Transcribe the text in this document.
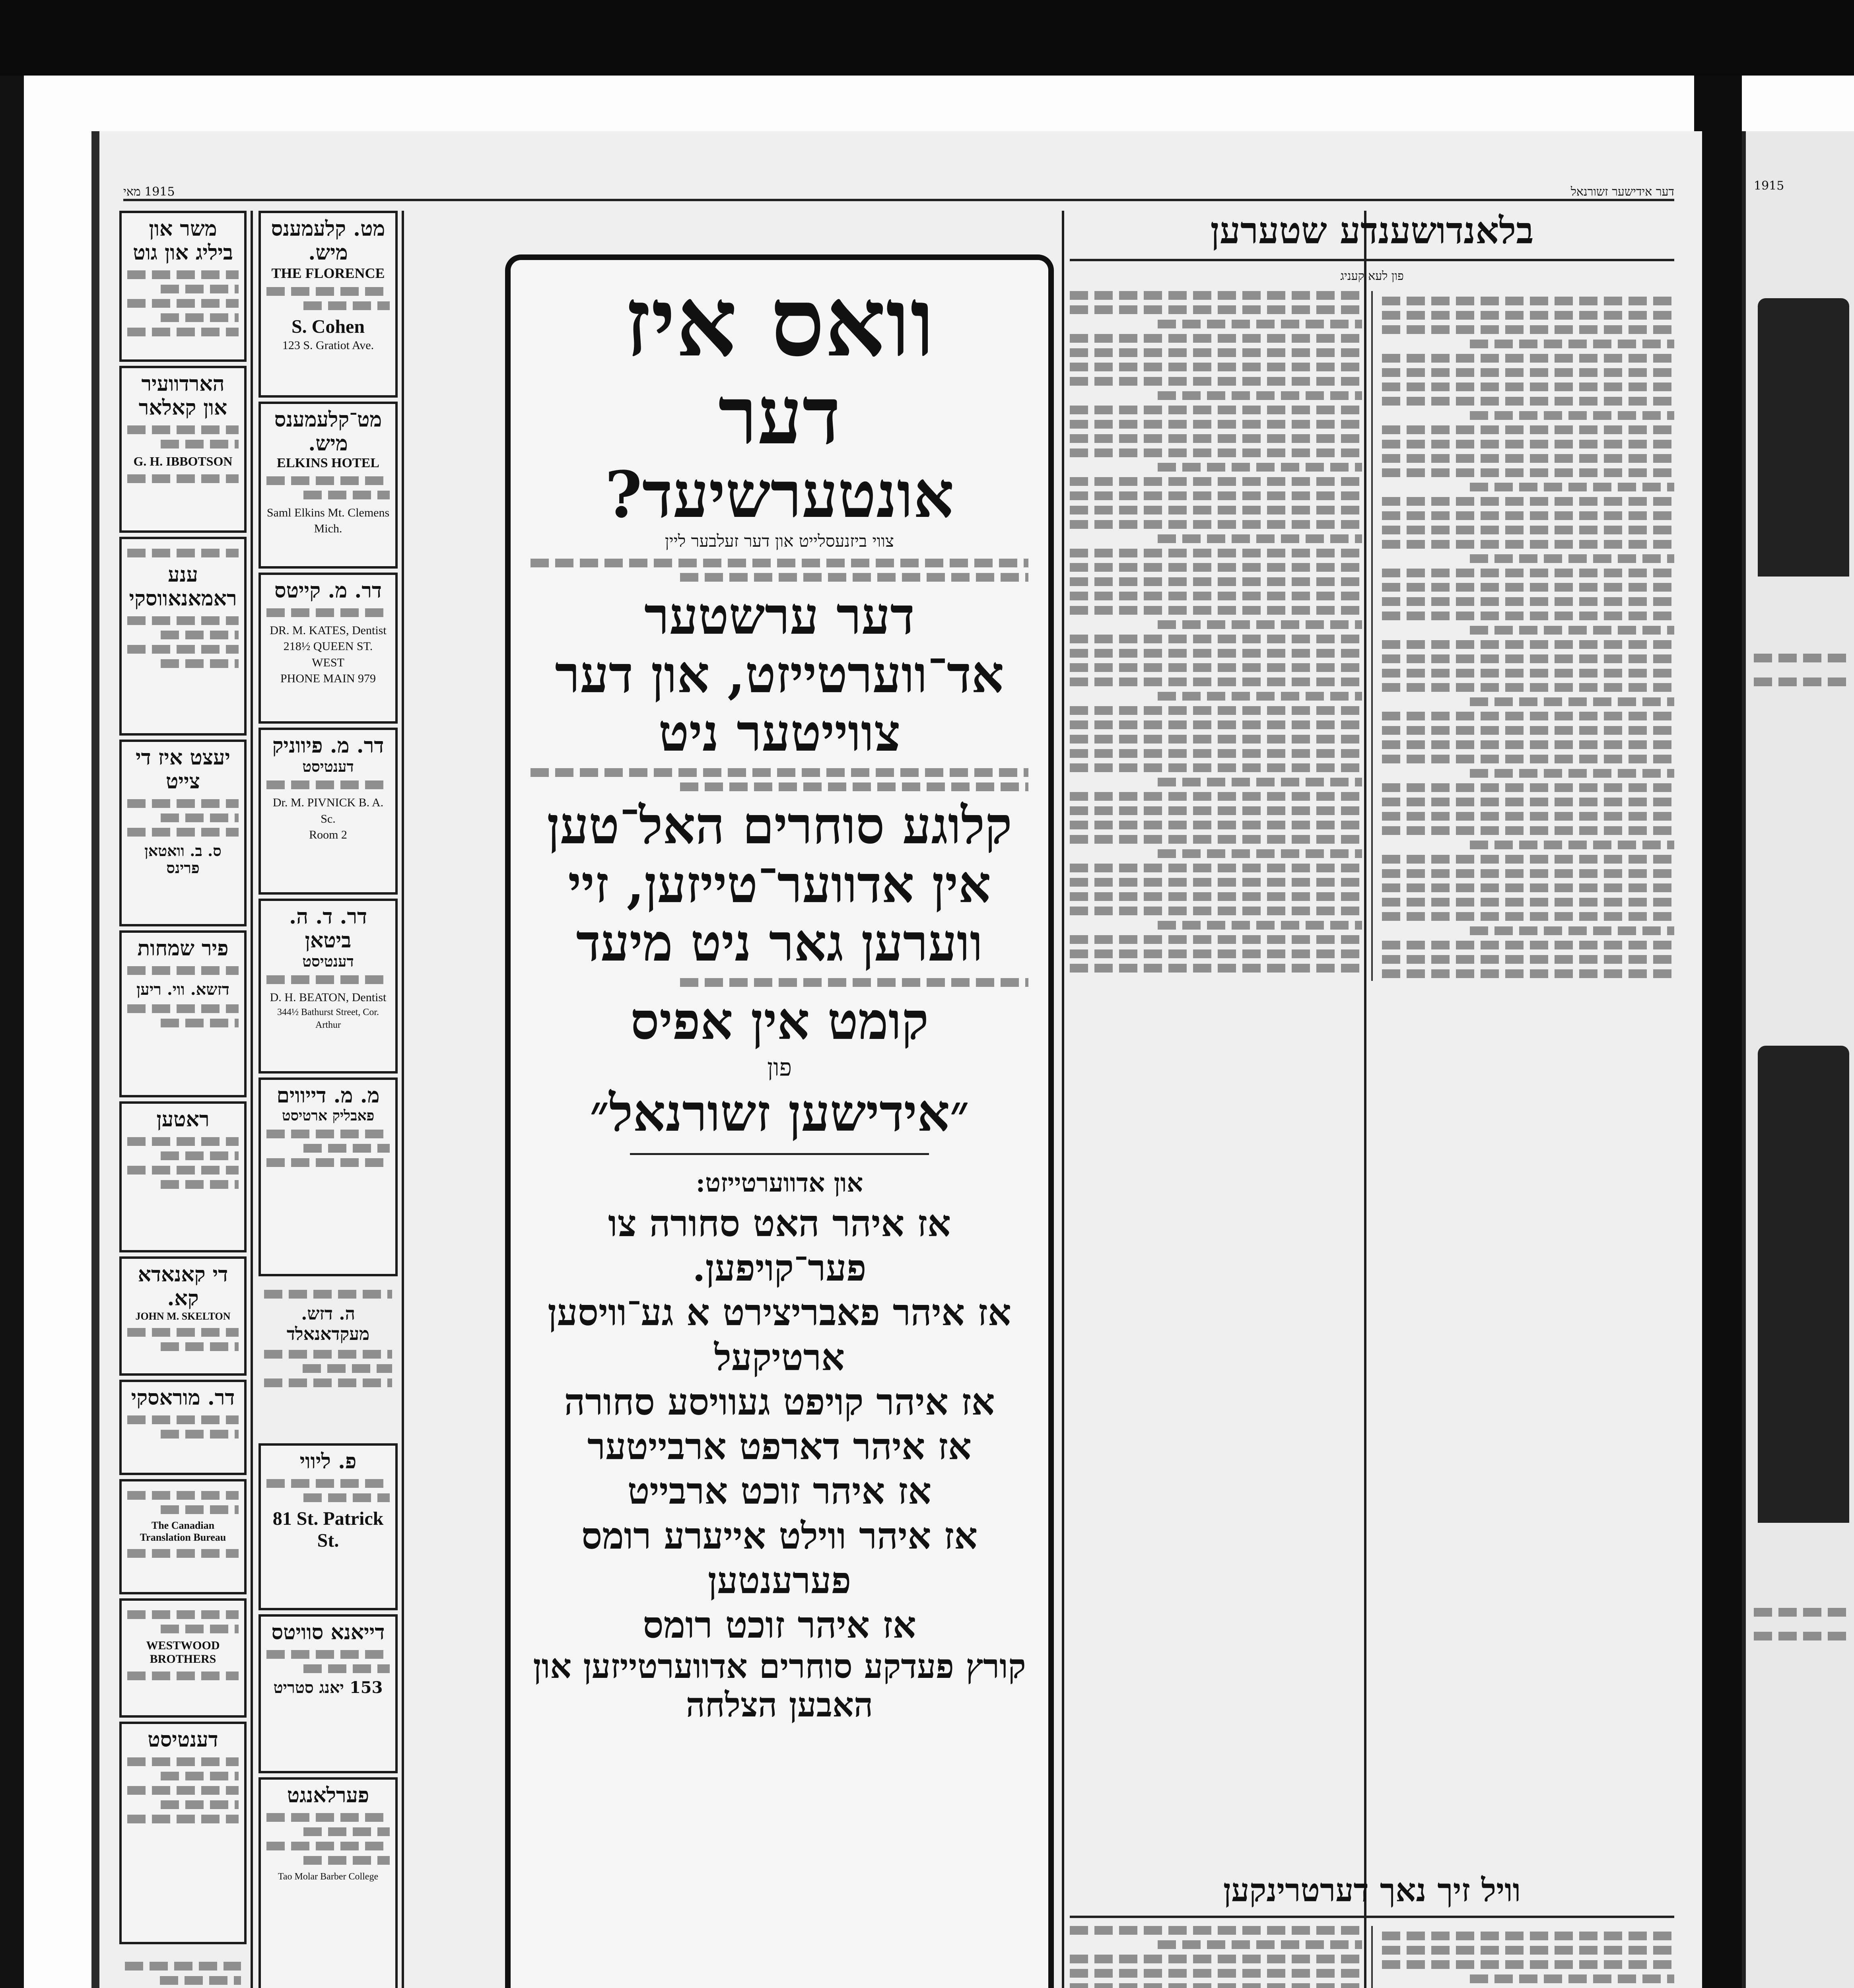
1915 מאי	דער אידישער זשורנאל
משר און ביליג און גוט
הארדוועיר און קאלאר
G. H. IBBOTSON
ענע ראמאנאווסקי
יעצט איז די צייט
ס. ב. וואטאן פרינס
פיר שמחות
דזשא. ווי. ריען
ראטען
די קאנאדא קא.
JOHN M. SKELTON
דר. מוראסקי
The Canadian Translation Bureau
WESTWOOD BROTHERS
דענטיסט
מט. קלעמענס מיש.
THE FLORENCE
S. Cohen
123 S. Gratiot Ave.
מט־קלעמענס מיש.
ELKINS HOTEL
Saml Elkins Mt. Clemens Mich.
דר. מ. קייטס
DR. M. KATES, Dentist
218½ QUEEN ST. WEST
PHONE MAIN 979
דר. מ. פיווניק
דענטיסט
Dr. M. PIVNICK B. A. Sc.
Room 2
דר. ד. ה. ביטאן
דענטיסט
D. H. BEATON, Dentist
344½ Bathurst Street, Cor. Arthur
מ. מ. דייווים
פאבליק ארטיסט
ה. דזש. מעקדאנאלד
פ. ליווי
81 St. Patrick St.
דייאנא סוויטס
153 יאנג סטריט
פערלאנגט
Tao Molar Barber College
וואס איז
דער
אונטערשיעד?
צווי ביזנעסלייט און דער זעלבער ליין
דער ערשטער אד־ווערטייזט, און דער צווייטער ניט
קלוגע סוחרים האל־טען אין אדווער־טייזען, זיי ווערען גאר ניט מיעד
קומט אין אפיס
פון
״אידישען זשורנאל״
און אדווערטייזט:
אז איהר האט סחורה צו פער־קויפען.
אז איהר פאבריצירט א גע־וויסען ארטיקעל
אז איהר קויפט געוויסע סחורה
אז איהר דארפט ארבייטער
אז איהר זוכט ארבייט
אז איהר ווילט אייערע רומס פערענטען
אז איהר זוכט רומס
קורץ פעדקע סוחרים אדווערטייזען און האבען הצלחה
בלאנדושענדע שטערען
פון לעא קעניג
וויל זיך נאך דערטרינקען
1915
